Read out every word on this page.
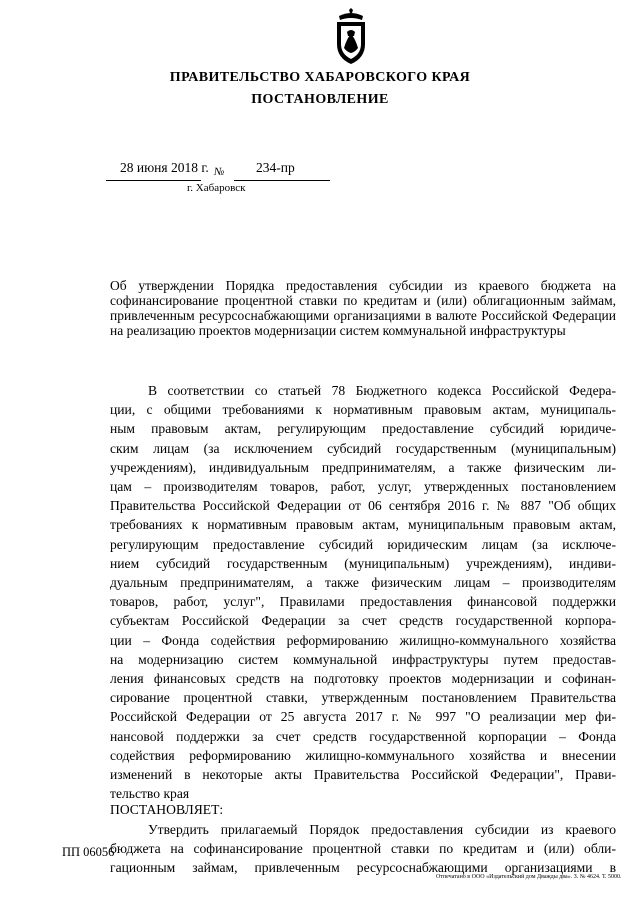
ПРАВИТЕЛЬСТВО ХАБАРОВСКОГО КРАЯ
ПОСТАНОВЛЕНИЕ
28 июня 2018 г. № 234-пр
г. Хабаровск
Об утверждении Порядка предоставления субсидии из краевого бюджета на софинансирование процентной ставки по кредитам и (или) облигационным займам, привлеченным ресурсоснабжающими организациями в валюте Российской Федерации на реализацию проектов модернизации систем коммунальной инфраструктуры
В соответствии со статьей 78 Бюджетного кодекса Российской Федера-
ции, с общими требованиями к нормативным правовым актам, муниципаль-
ным правовым актам, регулирующим предоставление субсидий юридиче-
ским лицам (за исключением субсидий государственным (муниципальным)
учреждениям), индивидуальным предпринимателям, а также физическим ли-
цам – производителям товаров, работ, услуг, утвержденных постановлением
Правительства Российской Федерации от 06 сентября 2016 г. № 887 "Об общих
требованиях к нормативным правовым актам, муниципальным правовым актам,
регулирующим предоставление субсидий юридическим лицам (за исключе-
нием субсидий государственным (муниципальным) учреждениям), индиви-
дуальным предпринимателям, а также физическим лицам – производителям
товаров, работ, услуг", Правилами предоставления финансовой поддержки
субъектам Российской Федерации за счет средств государственной корпора-
ции – Фонда содействия реформированию жилищно-коммунального хозяйства
на модернизацию систем коммунальной инфраструктуры путем предостав-
ления финансовых средств на подготовку проектов модернизации и софинан-
сирование процентной ставки, утвержденным постановлением Правительства
Российской Федерации от 25 августа 2017 г. № 997 "О реализации мер фи-
нансовой поддержки за счет средств государственной корпорации – Фонда
содействия реформированию жилищно-коммунального хозяйства и внесении
изменений в некоторые акты Правительства Российской Федерации", Прави-
тельство края
ПОСТАНОВЛЯЕТ:
Утвердить прилагаемый Порядок предоставления субсидии из краевого
бюджета на софинансирование процентной ставки по кредитам и (или) обли-
гационным займам, привлеченным ресурсоснабжающими организациями в
ПП 06056
Отпечатано в ООО «Издательский дом Дважды два». З. № 4624. Т. 5000.
